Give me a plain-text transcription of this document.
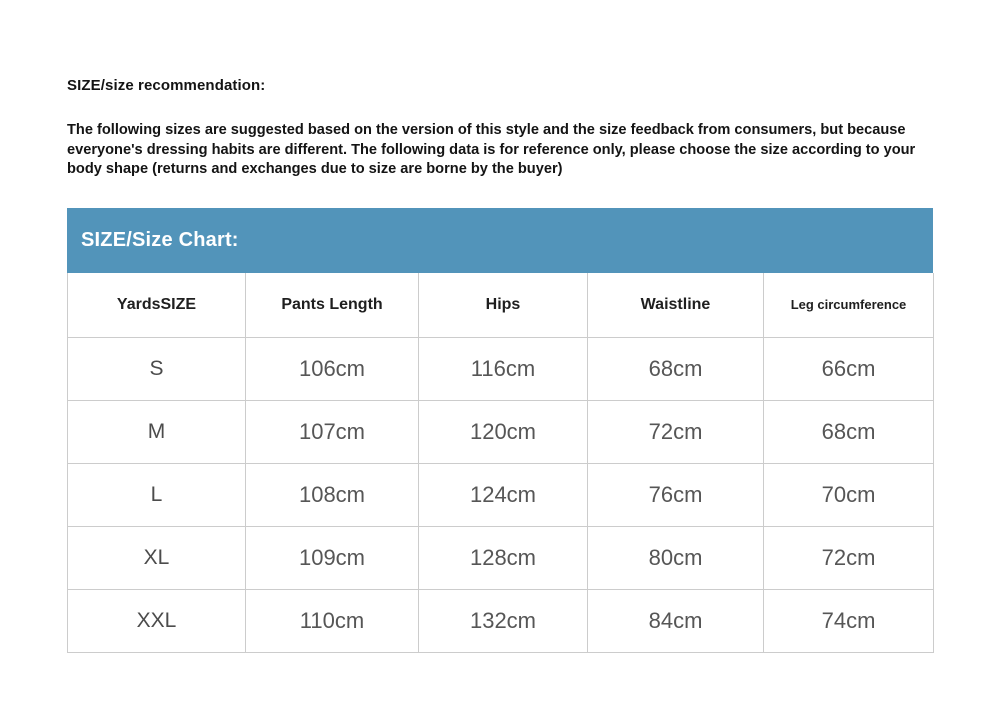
SIZE/size recommendation:

The following sizes are suggested based on the version of this style and the size feedback from consumers, but because everyone's dressing habits are different. The following data is for reference only, please choose the size according to your body shape (returns and exchanges due to size are borne by the buyer)

SIZE/Size Chart:
YardsSIZE	Pants Length	Hips	Waistline	Leg circumference
S	106cm	116cm	68cm	66cm
M	107cm	120cm	72cm	68cm
L	108cm	124cm	76cm	70cm
XL	109cm	128cm	80cm	72cm
XXL	110cm	132cm	84cm	74cm
